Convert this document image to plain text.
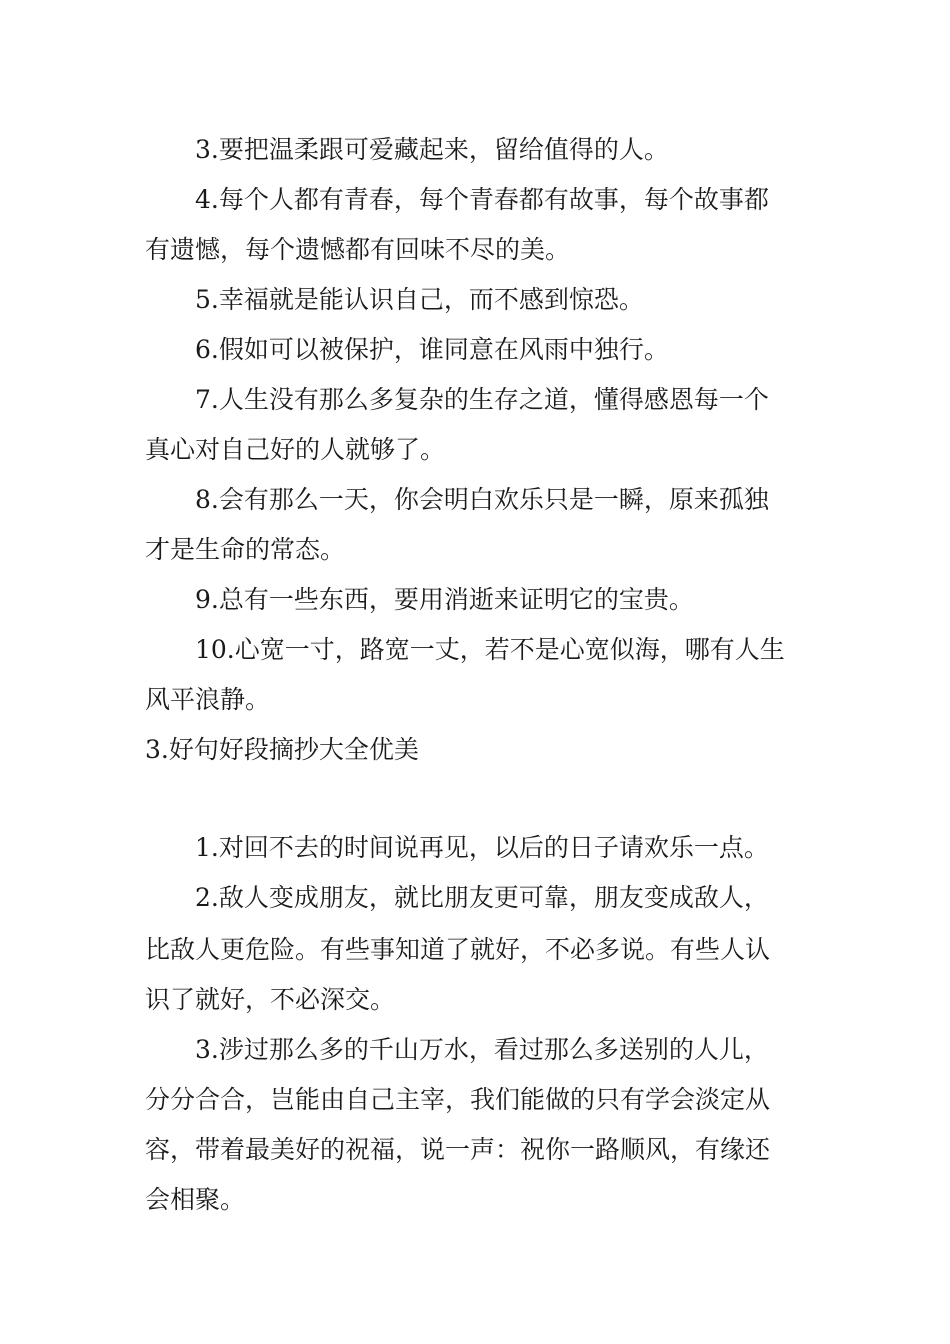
3.要把温柔跟可爱藏起来，留给值得的人。
4.每个人都有青春，每个青春都有故事，每个故事都
有遗憾，每个遗憾都有回味不尽的美。
5.幸福就是能认识自己，而不感到惊恐。
6.假如可以被保护，谁同意在风雨中独行。
7.人生没有那么多复杂的生存之道，懂得感恩每一个
真心对自己好的人就够了。
8.会有那么一天，你会明白欢乐只是一瞬，原来孤独
才是生命的常态。
9.总有一些东西，要用消逝来证明它的宝贵。
10.心宽一寸，路宽一丈，若不是心宽似海，哪有人生
风平浪静。
3.好句好段摘抄大全优美
1.对回不去的时间说再见，以后的日子请欢乐一点。
2.敌人变成朋友，就比朋友更可靠，朋友变成敌人，
比敌人更危险。有些事知道了就好，不必多说。有些人认
识了就好，不必深交。
3.涉过那么多的千山万水，看过那么多送别的人儿，
分分合合，岂能由自己主宰，我们能做的只有学会淡定从
容，带着最美好的祝福，说一声：祝你一路顺风，有缘还
会相聚。
